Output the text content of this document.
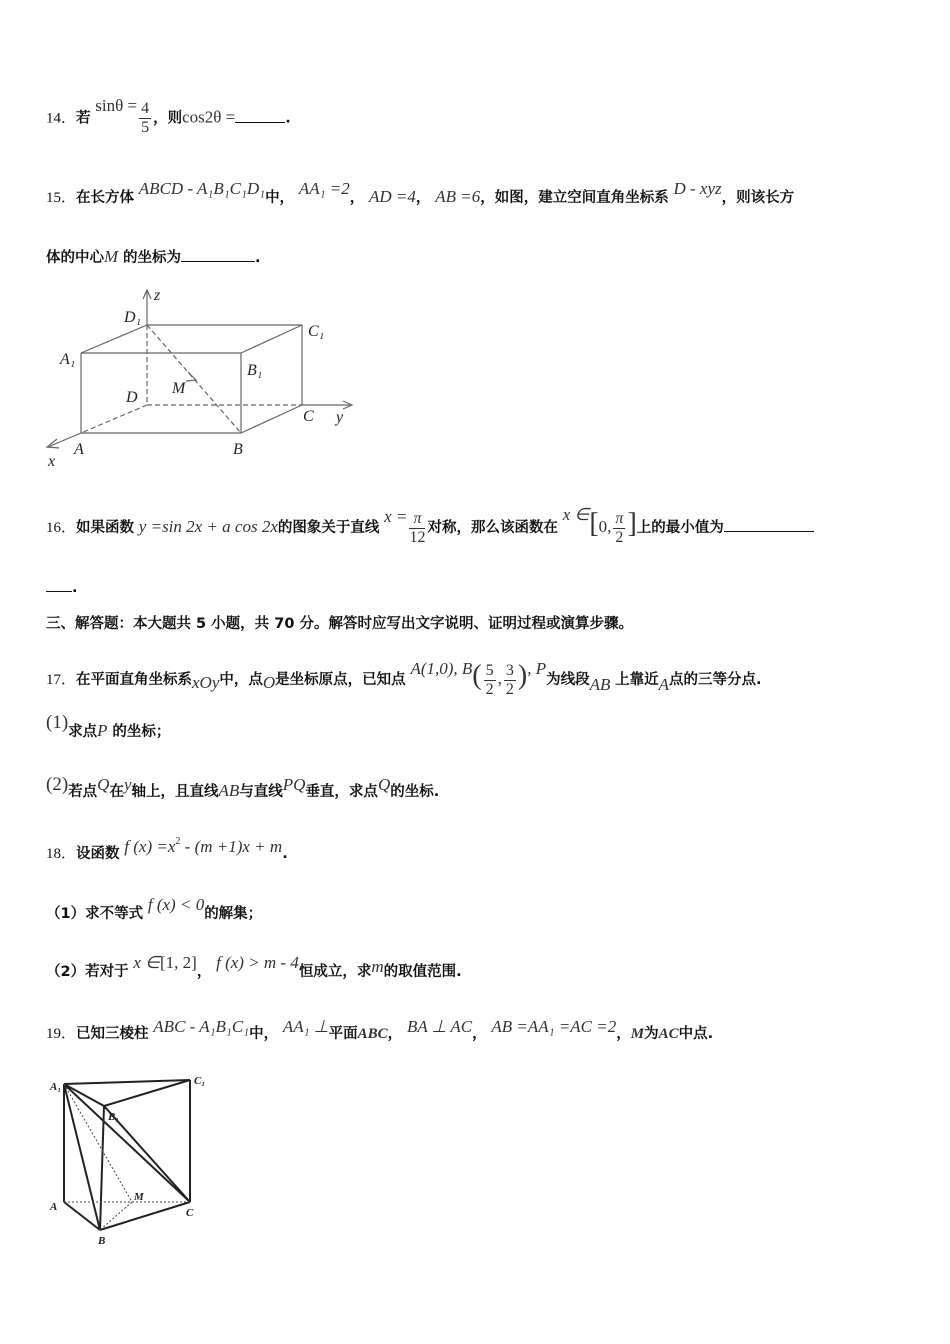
14．若 $\sin\theta = \frac{4}{5}$ ，则cos2θ =	.
15．在长方体 ABCD - A₁B₁C₁D₁中， AA₁ =2， AD =4， AB =6，如图，建立空间直角坐标系 D - xyz，则该长方
体的中心M 的坐标为	.
z
y
x
D₁
C₁
A₁
B₁
M
D
C
A	B
16．如果函数 y =sin 2x + a cos 2x的图象关于直线 $x = \frac{\pi}{12}$ 对称，那么该函数在 x ∈[0, $\frac{\pi}{2}$ ]上的最小值为
.
三、解答题：本大题共 5 小题，共 70 分。解答时应写出文字说明、证明过程或演算步骤。
17．在平面直角坐标系xOy中，点O是坐标原点，已知点 A(1,0), $B( \frac{5}{2}$ , $\frac{3}{2}$ ), P为线段AB 上靠近A点的三等分点.
(1)求点P 的坐标；
(2)若点Q在y轴上，且直线AB与直线PQ垂直，求点Q的坐标.
18．设函数 f $(x) =x^2 - (m +1)x + m$.
（1）求不等式 f (x) < 0的解集；
（2）若对于 x ∈[1, 2]， f (x) > m - 4恒成立，求m的取值范围.
19．已知三棱柱 ABC - A₁B₁C₁中， AA₁ ⊥平面ABC， BA ⊥ AC， AB =AA₁ =AC =2，M为AC中点.
A₁	C₁
B₁
M
A	C
B
